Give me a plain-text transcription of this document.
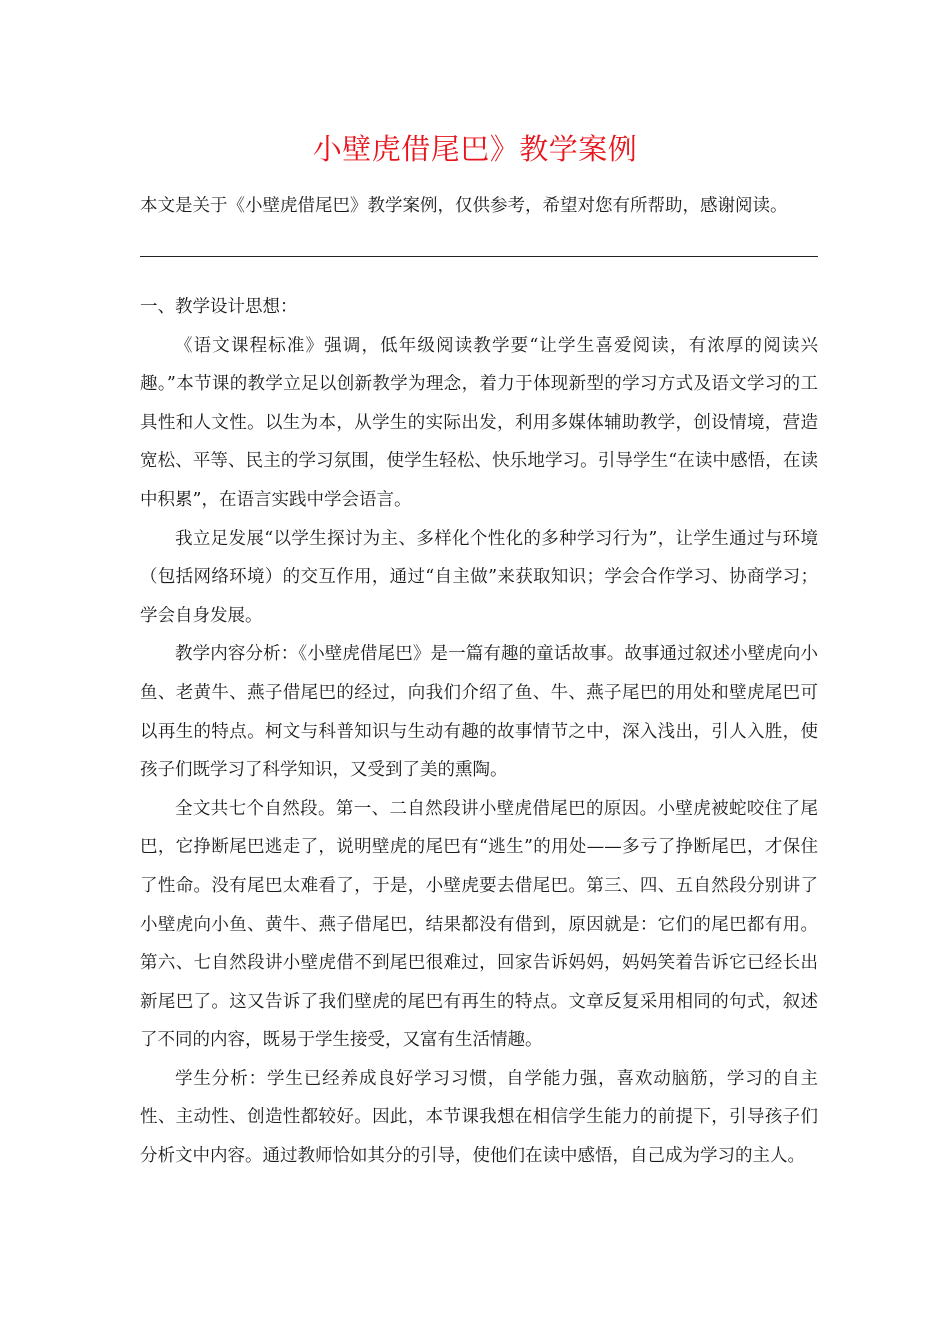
小壁虎借尾巴》教学案例

本文是关于《小壁虎借尾巴》教学案例，仅供参考，希望对您有所帮助，感谢阅读。

一、教学设计思想：

《语文课程标准》强调，低年级阅读教学要“让学生喜爱阅读，有浓厚的阅读兴趣。”本节课的教学立足以创新教学为理念，着力于体现新型的学习方式及语文学习的工具性和人文性。以生为本，从学生的实际出发，利用多媒体辅助教学，创设情境，营造宽松、平等、民主的学习氛围，使学生轻松、快乐地学习。引导学生“在读中感悟，在读中积累”，在语言实践中学会语言。

我立足发展“以学生探讨为主、多样化个性化的多种学习行为”，让学生通过与环境（包括网络环境）的交互作用，通过“自主做”来获取知识；学会合作学习、协商学习；学会自身发展。

教学内容分析：《小壁虎借尾巴》是一篇有趣的童话故事。故事通过叙述小壁虎向小鱼、老黄牛、燕子借尾巴的经过，向我们介绍了鱼、牛、燕子尾巴的用处和壁虎尾巴可以再生的特点。柯文与科普知识与生动有趣的故事情节之中，深入浅出，引人入胜，使孩子们既学习了科学知识，又受到了美的熏陶。

全文共七个自然段。第一、二自然段讲小壁虎借尾巴的原因。小壁虎被蛇咬住了尾巴，它挣断尾巴逃走了，说明壁虎的尾巴有“逃生”的用处——多亏了挣断尾巴，才保住了性命。没有尾巴太难看了，于是，小壁虎要去借尾巴。第三、四、五自然段分别讲了小壁虎向小鱼、黄牛、燕子借尾巴，结果都没有借到，原因就是：它们的尾巴都有用。第六、七自然段讲小壁虎借不到尾巴很难过，回家告诉妈妈，妈妈笑着告诉它已经长出新尾巴了。这又告诉了我们壁虎的尾巴有再生的特点。文章反复采用相同的句式，叙述了不同的内容，既易于学生接受，又富有生活情趣。

学生分析：学生已经养成良好学习习惯，自学能力强，喜欢动脑筋，学习的自主性、主动性、创造性都较好。因此，本节课我想在相信学生能力的前提下，引导孩子们分析文中内容。通过教师恰如其分的引导，使他们在读中感悟，自己成为学习的主人。
